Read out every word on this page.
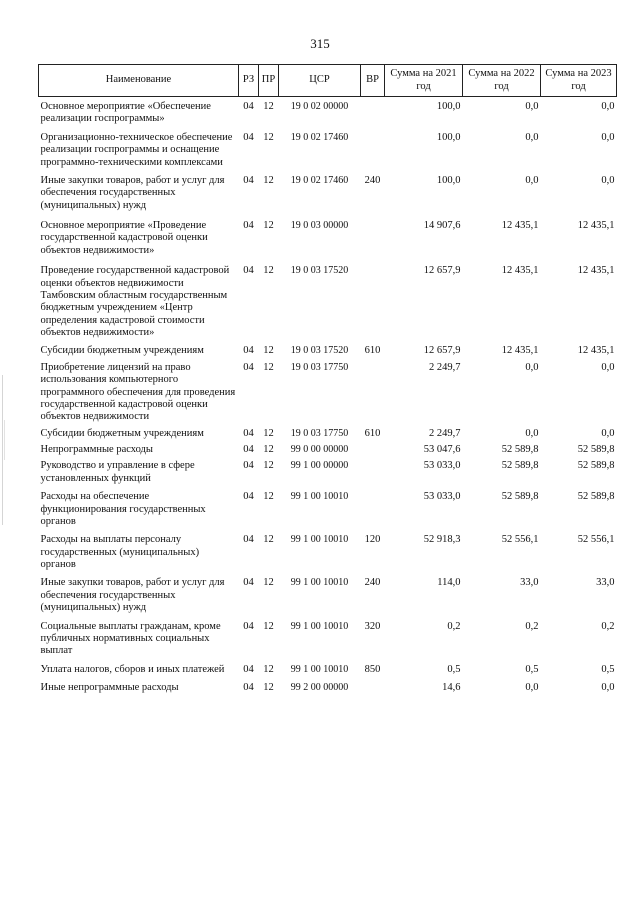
315
Наименование	РЗ	ПР	ЦСР	ВР	Сумма на 2021 год	Сумма на 2022 год	Сумма на 2023 год
Основное мероприятие «Обеспечение реализации госпрограммы»	04	12	19 0 02 00000		100,0	0,0	0,0
Организационно-техническое обеспечение реализации госпрограммы и оснащение программно-техническими комплексами	04	12	19 0 02 17460		100,0	0,0	0,0
Иные закупки товаров, работ и услуг для обеспечения государственных (муниципальных) нужд	04	12	19 0 02 17460	240	100,0	0,0	0,0
Основное мероприятие «Проведение государственной кадастровой оценки объектов недвижимости»	04	12	19 0 03 00000		14 907,6	12 435,1	12 435,1
Проведение государственной кадастровой оценки объектов недвижимости Тамбовским областным государственным бюджетным учреждением «Центр определения кадастровой стоимости объектов недвижимости»	04	12	19 0 03 17520		12 657,9	12 435,1	12 435,1
Субсидии бюджетным учреждениям	04	12	19 0 03 17520	610	12 657,9	12 435,1	12 435,1
Приобретение лицензий на право использования компьютерного программного обеспечения для проведения государственной кадастровой оценки объектов недвижимости	04	12	19 0 03 17750		2 249,7	0,0	0,0
Субсидии бюджетным учреждениям	04	12	19 0 03 17750	610	2 249,7	0,0	0,0
Непрограммные расходы	04	12	99 0 00 00000		53 047,6	52 589,8	52 589,8
Руководство и управление в сфере установленных функций	04	12	99 1 00 00000		53 033,0	52 589,8	52 589,8
Расходы на обеспечение функционирования государственных органов	04	12	99 1 00 10010		53 033,0	52 589,8	52 589,8
Расходы на выплаты персоналу государственных (муниципальных) органов	04	12	99 1 00 10010	120	52 918,3	52 556,1	52 556,1
Иные закупки товаров, работ и услуг для обеспечения государственных (муниципальных) нужд	04	12	99 1 00 10010	240	114,0	33,0	33,0
Социальные выплаты гражданам, кроме публичных нормативных социальных выплат	04	12	99 1 00 10010	320	0,2	0,2	0,2
Уплата налогов, сборов и иных платежей	04	12	99 1 00 10010	850	0,5	0,5	0,5
Иные непрограммные расходы	04	12	99 2 00 00000		14,6	0,0	0,0
